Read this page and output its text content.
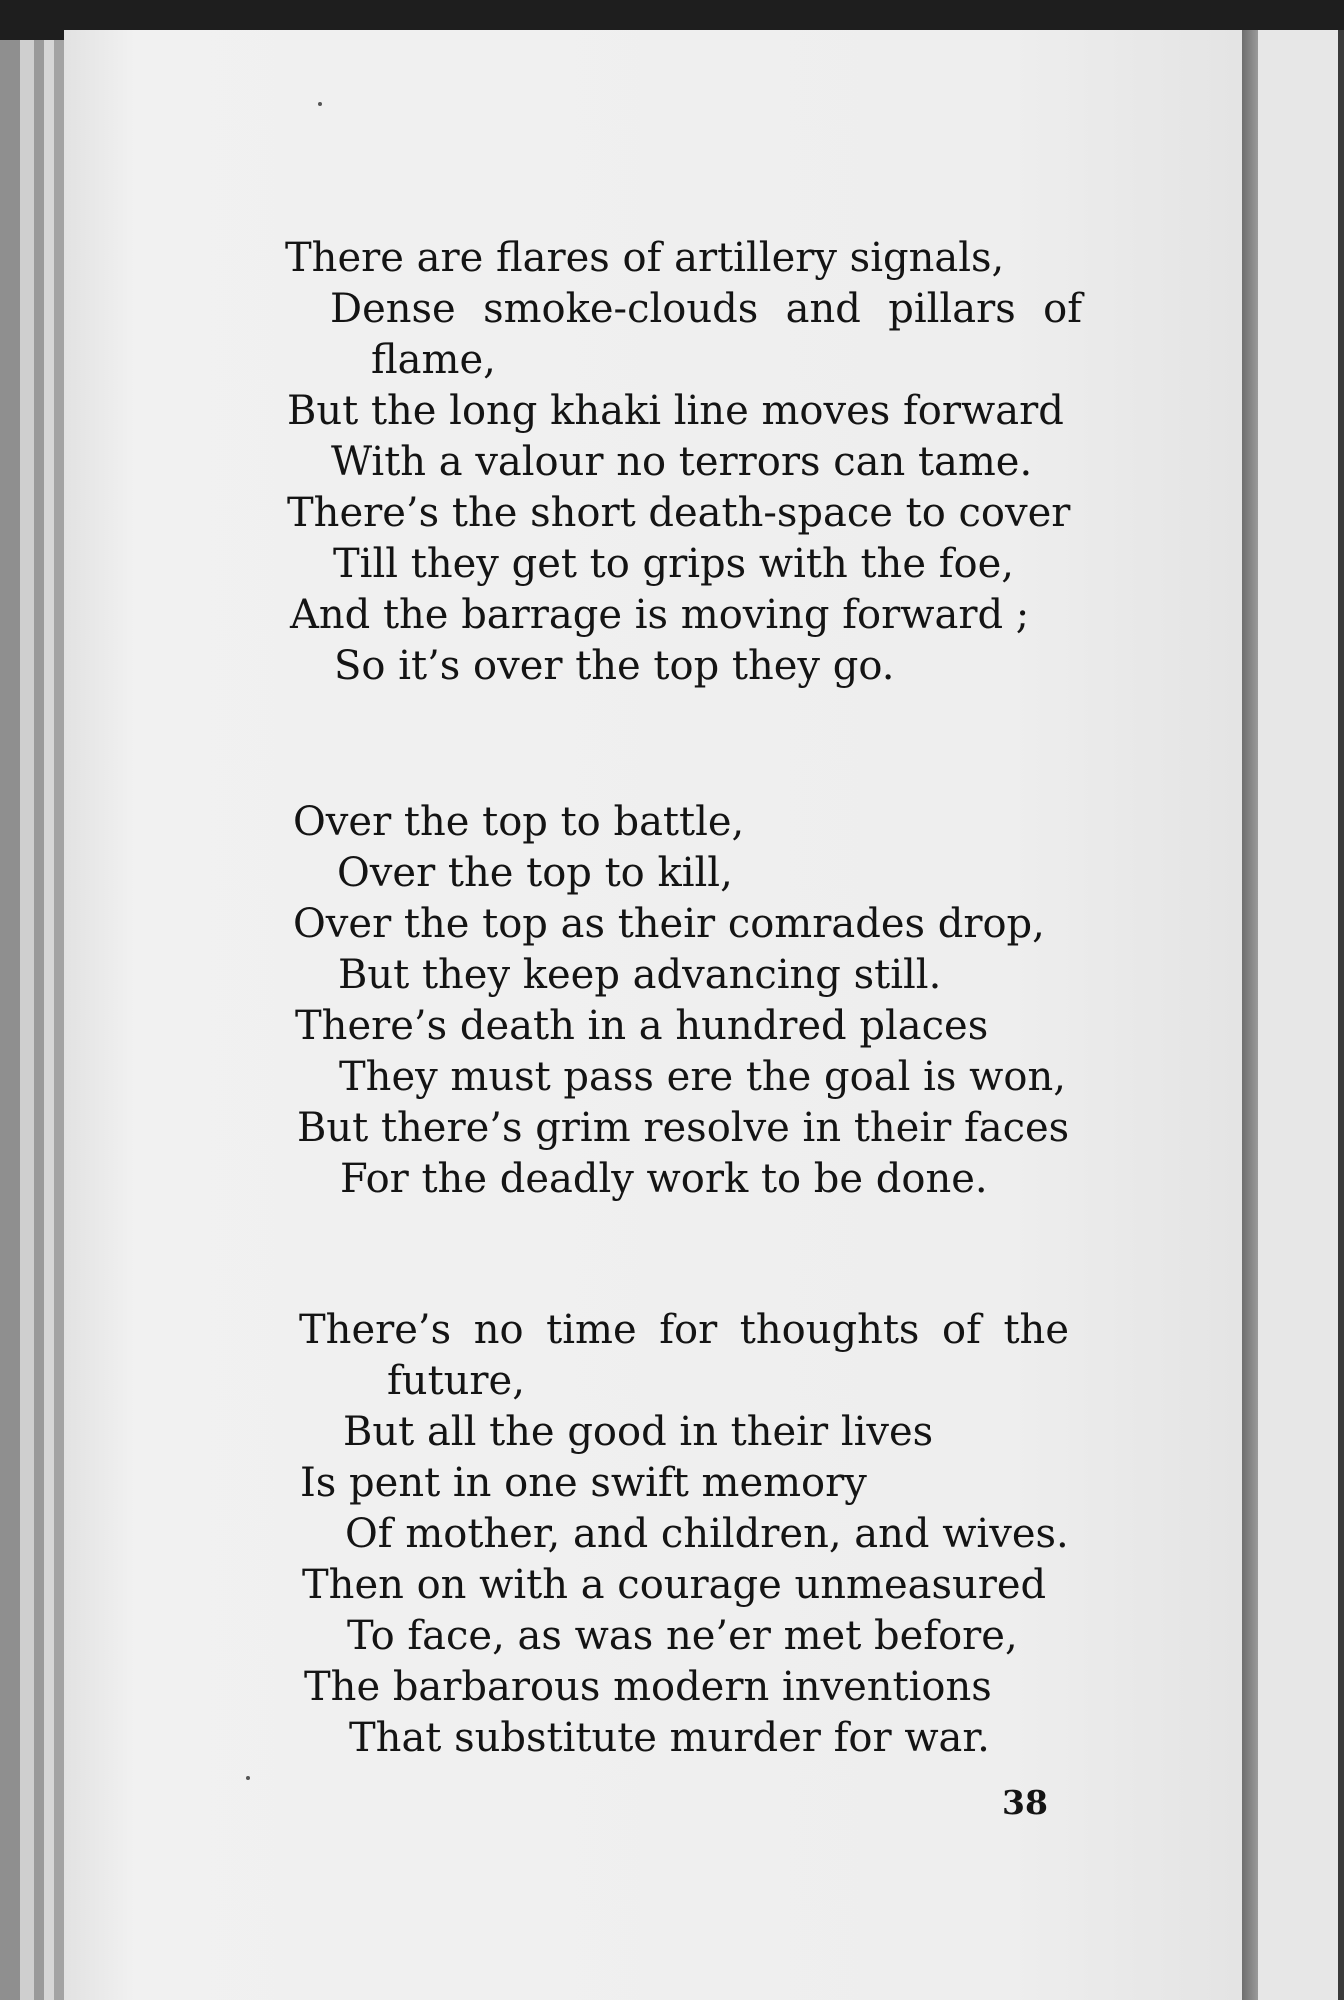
There are flares of artillery signals,
Dense smoke-clouds and pillars of
flame,
But the long khaki line moves forward
With a valour no terrors can tame.
There’s the short death-space to cover
Till they get to grips with the foe,
And the barrage is moving forward ;
So it’s over the top they go.
Over the top to battle,
Over the top to kill,
Over the top as their comrades drop,
But they keep advancing still.
There’s death in a hundred places
They must pass ere the goal is won,
But there’s grim resolve in their faces
For the deadly work to be done.
There’s no time for thoughts of the
future,
But all the good in their lives
Is pent in one swift memory
Of mother, and children, and wives.
Then on with a courage unmeasured
To face, as was ne’er met before,
The barbarous modern inventions
That substitute murder for war.
38
